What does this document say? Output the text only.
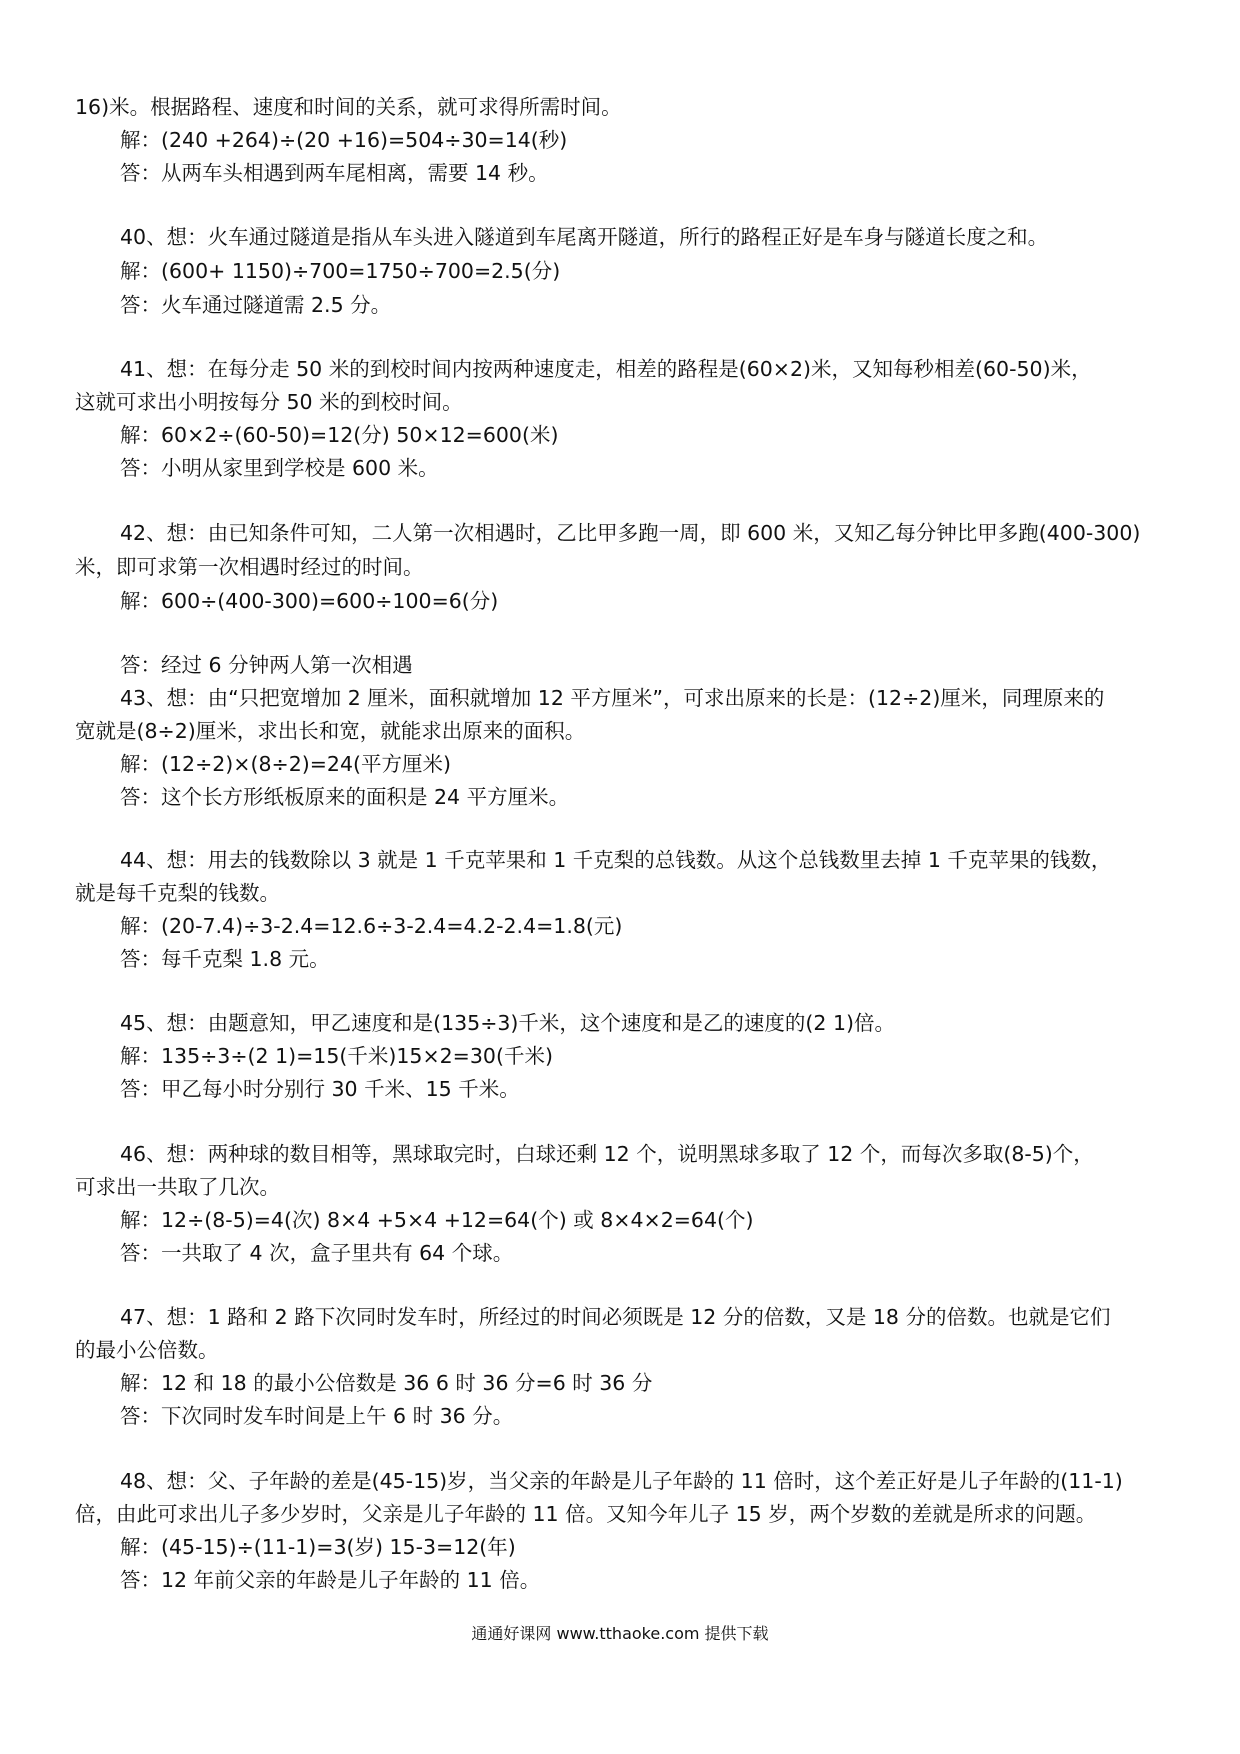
16)米。根据路程、速度和时间的关系，就可求得所需时间。
解：(240 +264)÷(20 +16)=504÷30=14(秒)
答：从两车头相遇到两车尾相离，需要 14 秒。
40、想：火车通过隧道是指从车头进入隧道到车尾离开隧道，所行的路程正好是车身与隧道长度之和。
解：(600+ 1150)÷700=1750÷700=2.5(分)
答：火车通过隧道需 2.5 分。
41、想：在每分走 50 米的到校时间内按两种速度走，相差的路程是(60×2)米，又知每秒相差(60-50)米，
这就可求出小明按每分 50 米的到校时间。
解：60×2÷(60-50)=12(分) 50×12=600(米)
答：小明从家里到学校是 600 米。
42、想：由已知条件可知，二人第一次相遇时，乙比甲多跑一周，即 600 米，又知乙每分钟比甲多跑(400-300)
米，即可求第一次相遇时经过的时间。
解：600÷(400-300)=600÷100=6(分)
答：经过 6 分钟两人第一次相遇
43、想：由“只把宽增加 2 厘米，面积就增加 12 平方厘米”，可求出原来的长是：(12÷2)厘米，同理原来的
宽就是(8÷2)厘米，求出长和宽，就能求出原来的面积。
解：(12÷2)×(8÷2)=24(平方厘米)
答：这个长方形纸板原来的面积是 24 平方厘米。
44、想：用去的钱数除以 3 就是 1 千克苹果和 1 千克梨的总钱数。从这个总钱数里去掉 1 千克苹果的钱数，
就是每千克梨的钱数。
解：(20-7.4)÷3-2.4=12.6÷3-2.4=4.2-2.4=1.8(元)
答：每千克梨 1.8 元。
45、想：由题意知，甲乙速度和是(135÷3)千米，这个速度和是乙的速度的(2 1)倍。
解：135÷3÷(2 1)=15(千米)15×2=30(千米)
答：甲乙每小时分别行 30 千米、15 千米。
46、想：两种球的数目相等，黑球取完时，白球还剩 12 个，说明黑球多取了 12 个，而每次多取(8-5)个，
可求出一共取了几次。
解：12÷(8-5)=4(次) 8×4 +5×4 +12=64(个) 或 8×4×2=64(个)
答：一共取了 4 次，盒子里共有 64 个球。
47、想：1 路和 2 路下次同时发车时，所经过的时间必须既是 12 分的倍数，又是 18 分的倍数。也就是它们
的最小公倍数。
解：12 和 18 的最小公倍数是 36 6 时 36 分=6 时 36 分
答：下次同时发车时间是上午 6 时 36 分。
48、想：父、子年龄的差是(45-15)岁，当父亲的年龄是儿子年龄的 11 倍时，这个差正好是儿子年龄的(11-1)
倍，由此可求出儿子多少岁时，父亲是儿子年龄的 11 倍。又知今年儿子 15 岁，两个岁数的差就是所求的问题。
解：(45-15)÷(11-1)=3(岁) 15-3=12(年)
答：12 年前父亲的年龄是儿子年龄的 11 倍。
通通好课网 www.tthaoke.com 提供下载
